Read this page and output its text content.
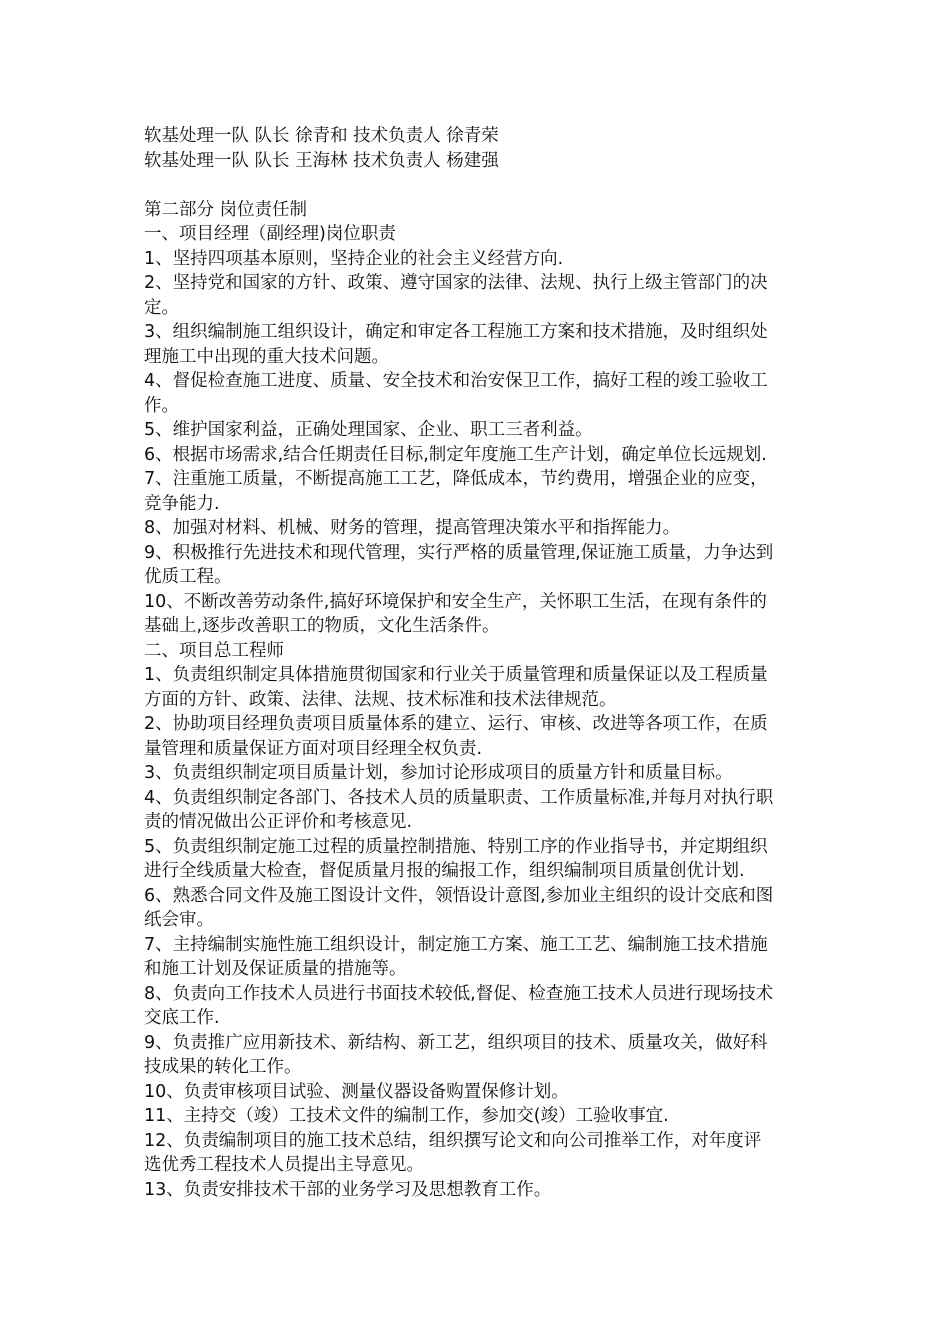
软基处理一队 队长 徐青和 技术负责人 徐青荣

软基处理一队 队长 王海林 技术负责人 杨建强

第二部分 岗位责任制

一、项目经理（副经理)岗位职责

1、坚持四项基本原则，坚持企业的社会主义经营方向.

2、坚持党和国家的方针、政策、遵守国家的法律、法规、执行上级主管部门的决

定。

3、组织编制施工组织设计，确定和审定各工程施工方案和技术措施，及时组织处

理施工中出现的重大技术问题。

4、督促检查施工进度、质量、安全技术和治安保卫工作，搞好工程的竣工验收工

作。

5、维护国家利益，正确处理国家、企业、职工三者利益。

6、根据市场需求,结合任期责任目标,制定年度施工生产计划，确定单位长远规划.

7、注重施工质量，不断提高施工工艺，降低成本，节约费用，增强企业的应变，

竞争能力.

8、加强对材料、机械、财务的管理，提高管理决策水平和指挥能力。

9、积极推行先进技术和现代管理，实行严格的质量管理,保证施工质量，力争达到

优质工程。

10、不断改善劳动条件,搞好环境保护和安全生产，关怀职工生活，在现有条件的

基础上,逐步改善职工的物质，文化生活条件。

二、项目总工程师

1、负责组织制定具体措施贯彻国家和行业关于质量管理和质量保证以及工程质量

方面的方针、政策、法律、法规、技术标准和技术法律规范。

2、协助项目经理负责项目质量体系的建立、运行、审核、改进等各项工作，在质

量管理和质量保证方面对项目经理全权负责.

3、负责组织制定项目质量计划，参加讨论形成项目的质量方针和质量目标。

4、负责组织制定各部门、各技术人员的质量职责、工作质量标准,并每月对执行职

责的情况做出公正评价和考核意见.

5、负责组织制定施工过程的质量控制措施、特别工序的作业指导书，并定期组织

进行全线质量大检查，督促质量月报的编报工作，组织编制项目质量创优计划.

6、熟悉合同文件及施工图设计文件，领悟设计意图,参加业主组织的设计交底和图

纸会审。

7、主持编制实施性施工组织设计，制定施工方案、施工工艺、编制施工技术措施

和施工计划及保证质量的措施等。

8、负责向工作技术人员进行书面技术较低,督促、检查施工技术人员进行现场技术

交底工作.

9、负责推广应用新技术、新结构、新工艺，组织项目的技术、质量攻关，做好科

技成果的转化工作。

10、负责审核项目试验、测量仪器设备购置保修计划。

11、主持交（竣）工技术文件的编制工作，参加交(竣）工验收事宜.

12、负责编制项目的施工技术总结，组织撰写论文和向公司推举工作，对年度评

选优秀工程技术人员提出主导意见。

13、负责安排技术干部的业务学习及思想教育工作。
